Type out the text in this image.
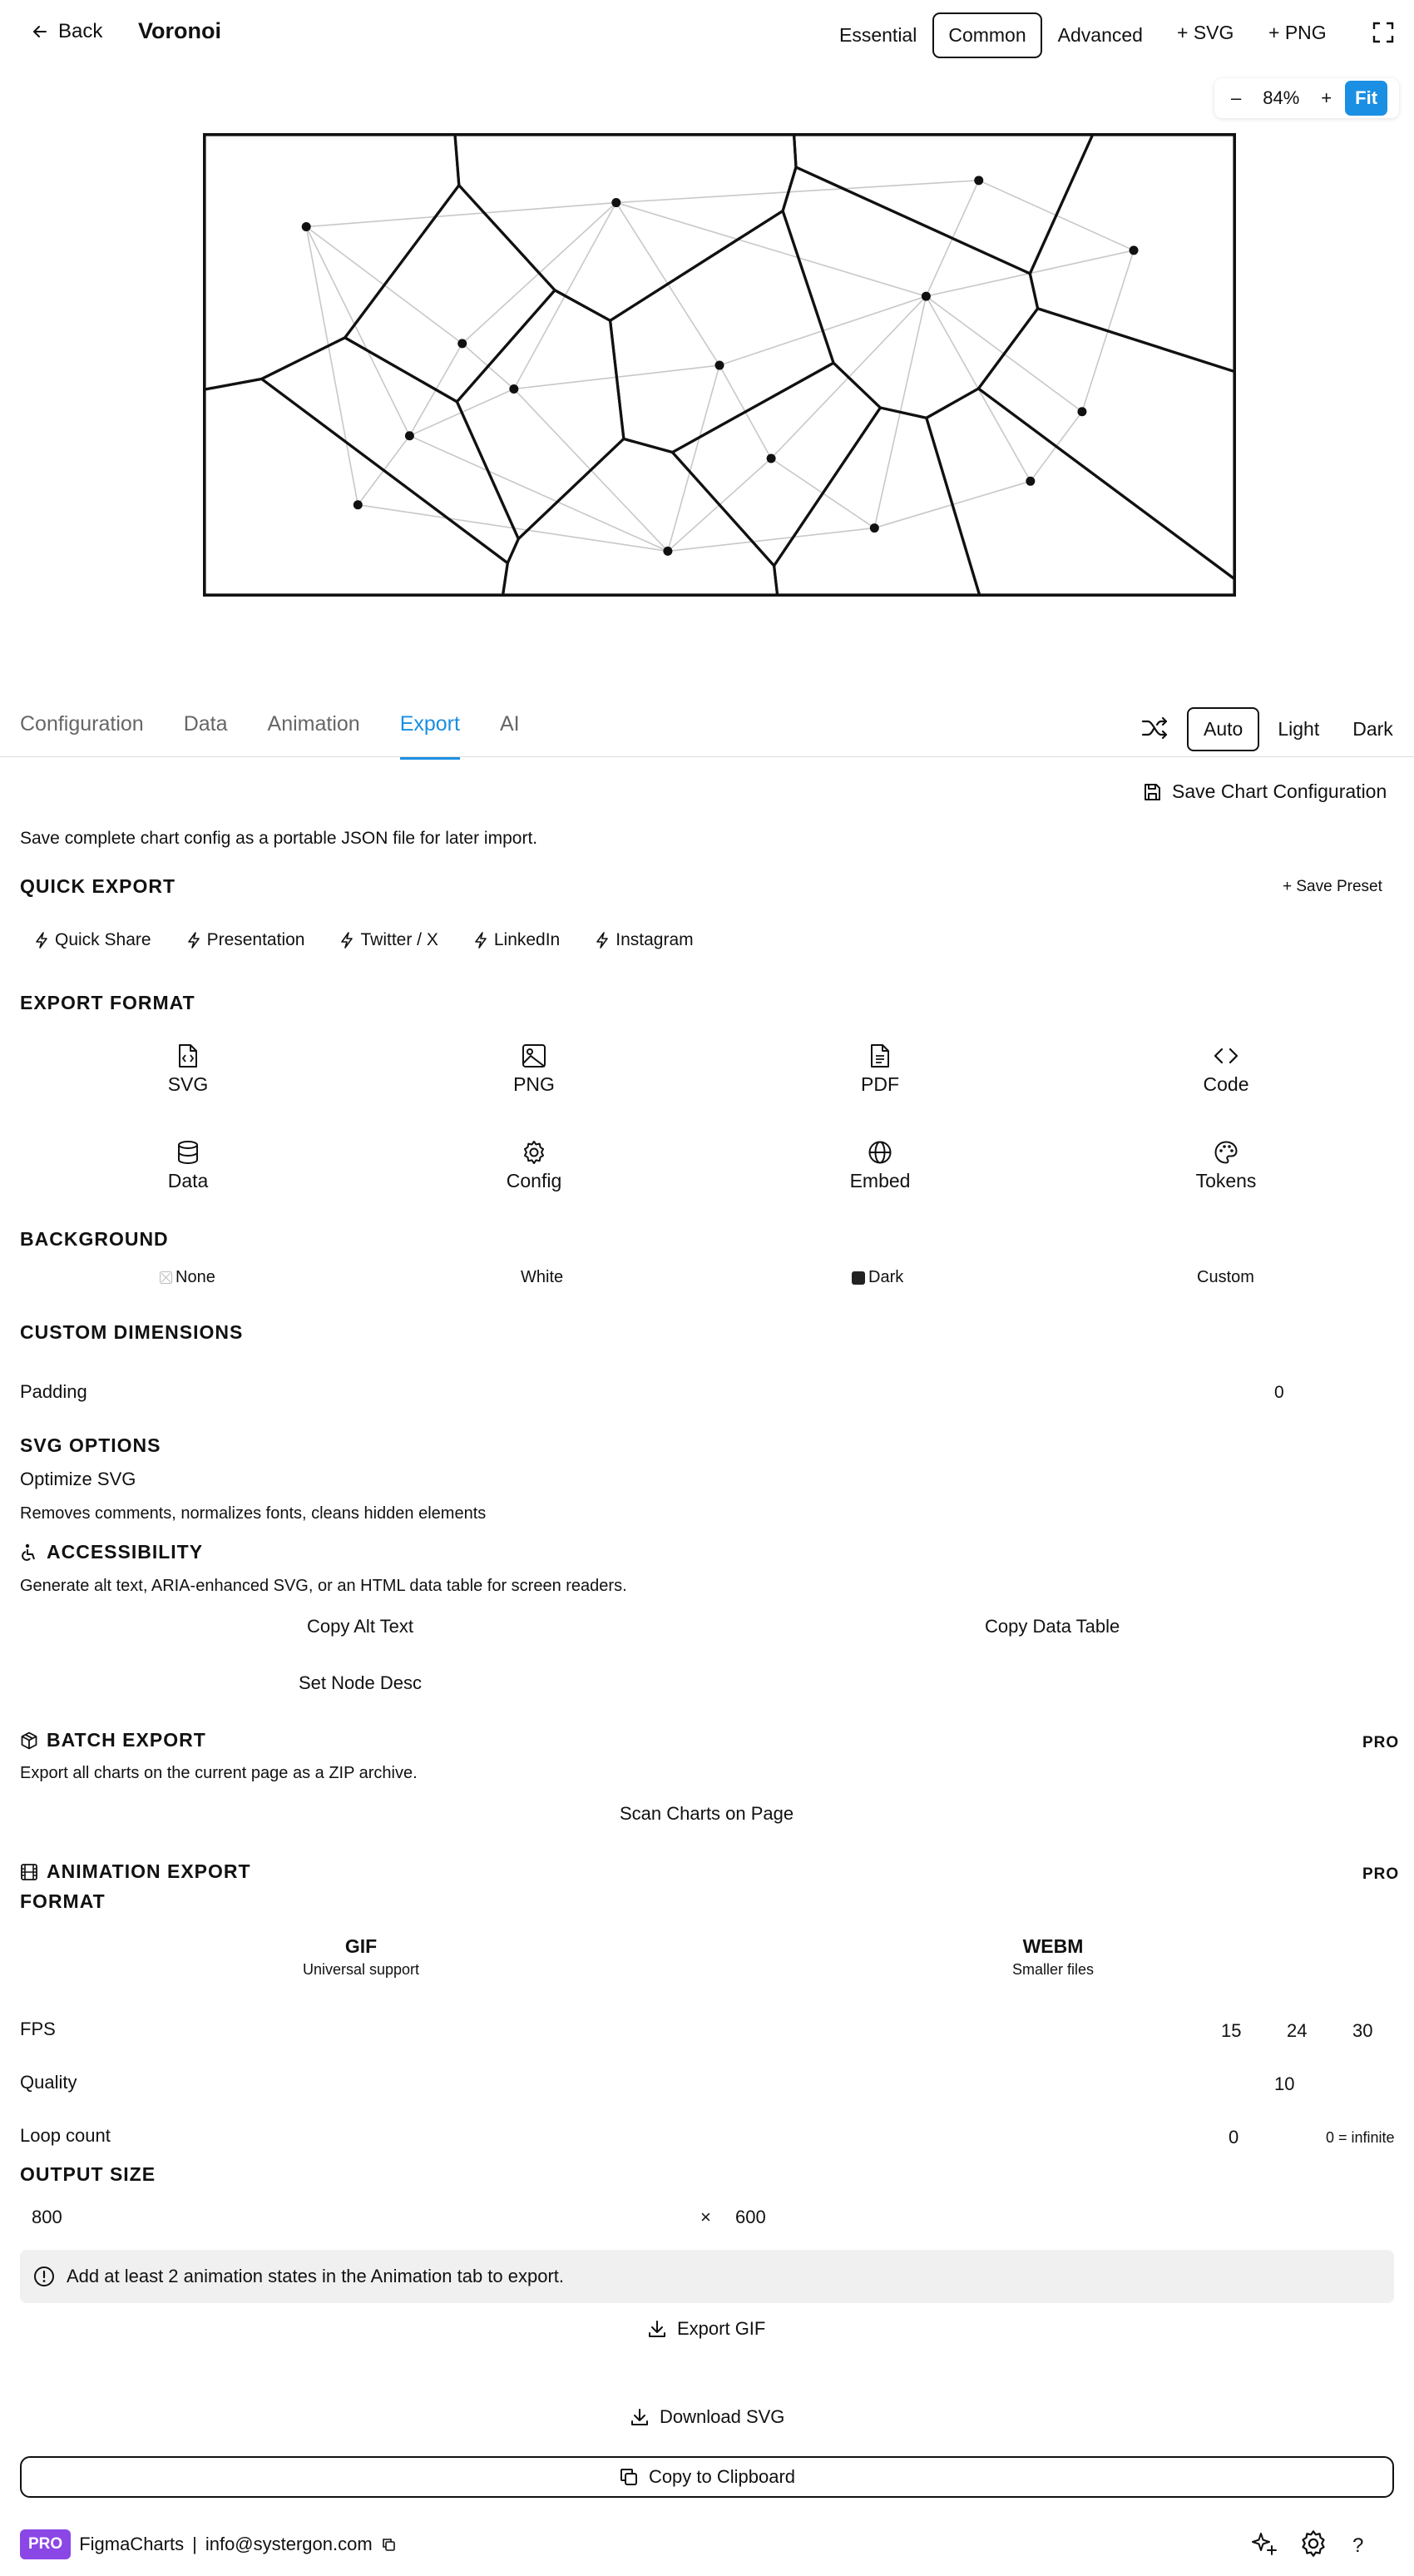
Back Voronoi	Essential	Common	Advanced	+ SVG + PNG
– 84% +	Fit
Configuration Data Animation Export AI	Auto	Light	Dark
Save Chart Configuration
Save complete chart config as a portable JSON file for later import.
QUICK EXPORT	+ Save Preset
Quick Share	Presentation	Twitter / X	LinkedIn	Instagram
EXPORT FORMAT
SVG	PNG	PDF	Code
Data	Config	Embed	Tokens
BACKGROUND
None	White	Dark	Custom
CUSTOM DIMENSIONS
Padding	0
SVG OPTIONS
Optimize SVG
Removes comments, normalizes fonts, cleans hidden elements
ACCESSIBILITY
Generate alt text, ARIA-enhanced SVG, or an HTML data table for screen readers.
Copy Alt Text	Copy Data Table
Set Node Desc
BATCH EXPORT	PRO
Export all charts on the current page as a ZIP archive.
Scan Charts on Page
ANIMATION EXPORT	PRO
FORMAT
GIF
Universal support
WEBM
Smaller files
FPS	15 24 30
Quality	10
Loop count	0	0 = infinite
OUTPUT SIZE
800	× 600
Add at least 2 animation states in the Animation tab to export.
Export GIF
Download SVG
Copy to Clipboard
PRO FigmaCharts | info@systergon.com	?
